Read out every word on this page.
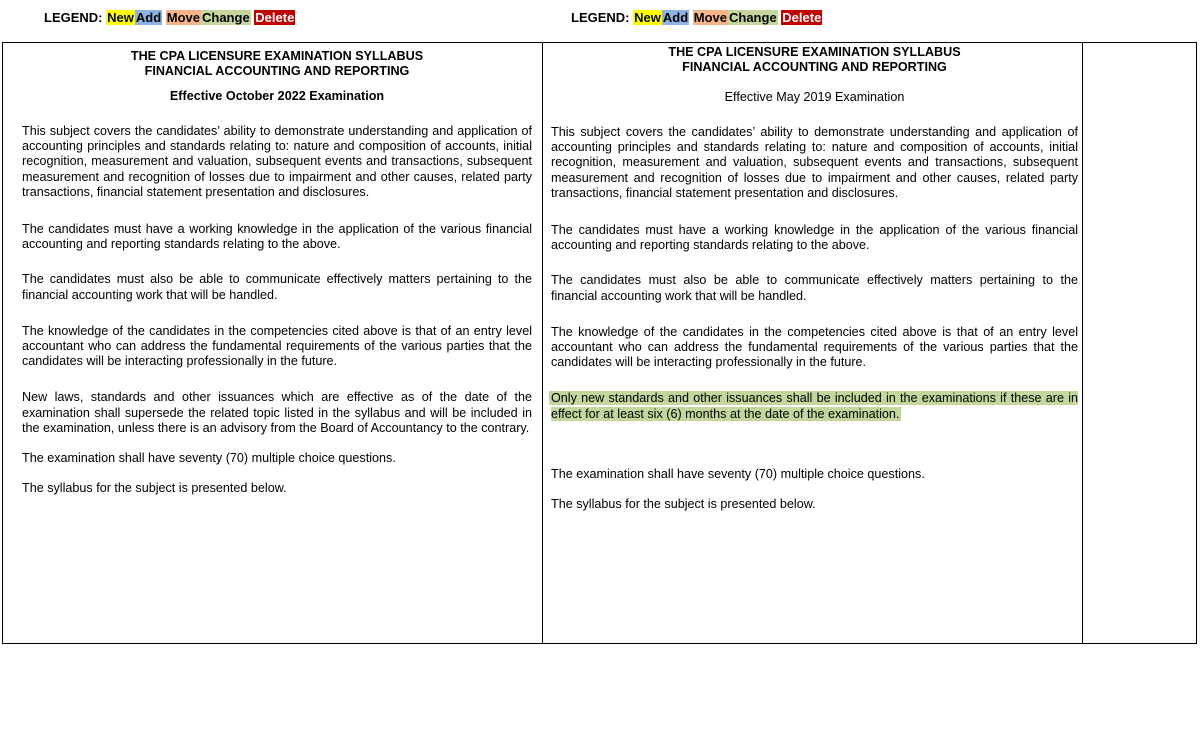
LEGEND: New Add Move Change Delete	LEGEND: New Add Move Change Delete
THE CPA LICENSURE EXAMINATION SYLLABUS
FINANCIAL ACCOUNTING AND REPORTING
Effective October 2022 Examination

This subject covers the candidates’ ability to demonstrate understanding and application of accounting principles and standards relating to: nature and composition of accounts, initial recognition, measurement and valuation, subsequent events and transactions, subsequent measurement and recognition of losses due to impairment and other causes, related party transactions, financial statement presentation and disclosures.

The candidates must have a working knowledge in the application of the various financial accounting and reporting standards relating to the above.

The candidates must also be able to communicate effectively matters pertaining to the financial accounting work that will be handled.

The knowledge of the candidates in the competencies cited above is that of an entry level accountant who can address the fundamental requirements of the various parties that the candidates will be interacting professionally in the future.

New laws, standards and other issuances which are effective as of the date of the examination shall supersede the related topic listed in the syllabus and will be included in the examination, unless there is an advisory from the Board of Accountancy to the contrary.

The examination shall have seventy (70) multiple choice questions.

The syllabus for the subject is presented below.

THE CPA LICENSURE EXAMINATION SYLLABUS
FINANCIAL ACCOUNTING AND REPORTING
Effective May 2019 Examination

This subject covers the candidates’ ability to demonstrate understanding and application of accounting principles and standards relating to: nature and composition of accounts, initial recognition, measurement and valuation, subsequent events and transactions, subsequent measurement and recognition of losses due to impairment and other causes, related party transactions, financial statement presentation and disclosures.

The candidates must have a working knowledge in the application of the various financial accounting and reporting standards relating to the above.

The candidates must also be able to communicate effectively matters pertaining to the financial accounting work that will be handled.

The knowledge of the candidates in the competencies cited above is that of an entry level accountant who can address the fundamental requirements of the various parties that the candidates will be interacting professionally in the future.

Only new standards and other issuances shall be included in the examinations if these are in effect for at least six (6) months at the date of the examination.

The examination shall have seventy (70) multiple choice questions.

The syllabus for the subject is presented below.
